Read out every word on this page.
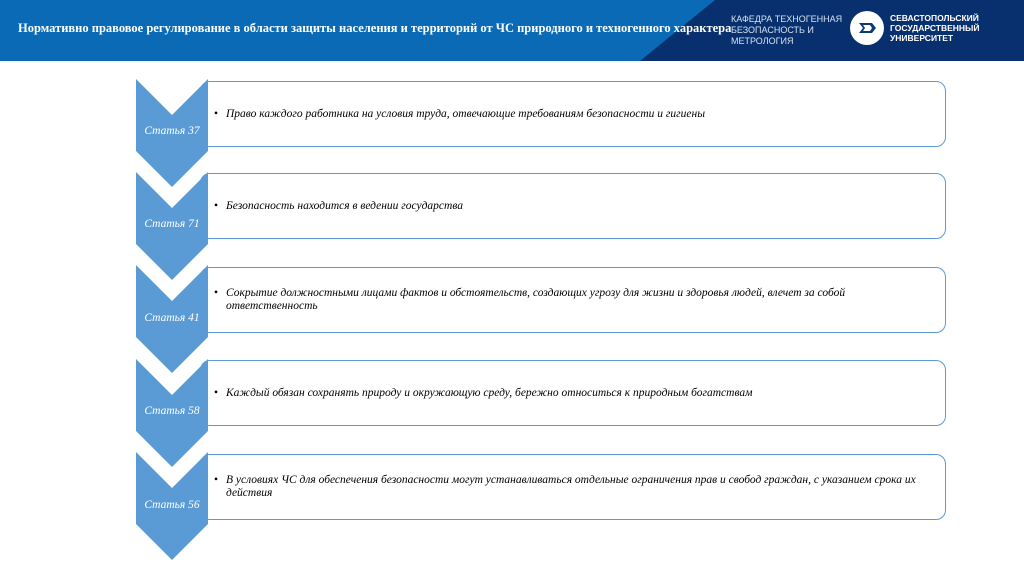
Нормативно правовое регулирование в области защиты населения и территорий от ЧС природного и техногенного характера
КАФЕДРА ТЕХНОГЕННАЯ
БЕЗОПАСНОСТЬ И
МЕТРОЛОГИЯ
СЕВАСТОПОЛЬСКИЙ
ГОСУДАРСТВЕННЫЙ
УНИВЕРСИТЕТ
Статья 37
• Право каждого работника на условия труда, отвечающие требованиям безопасности и гигиены
Статья 71
• Безопасность находится в ведении государства
Статья 41
• Сокрытие должностными лицами фактов и обстоятельств, создающих угрозу для жизни и здоровья людей, влечет за собой ответственность
Статья 58
• Каждый обязан сохранять природу и окружающую среду, бережно относиться к природным богатствам
Статья 56
• В условиях ЧС для обеспечения безопасности могут устанавливаться отдельные ограничения прав и свобод граждан, с указанием срока их действия
